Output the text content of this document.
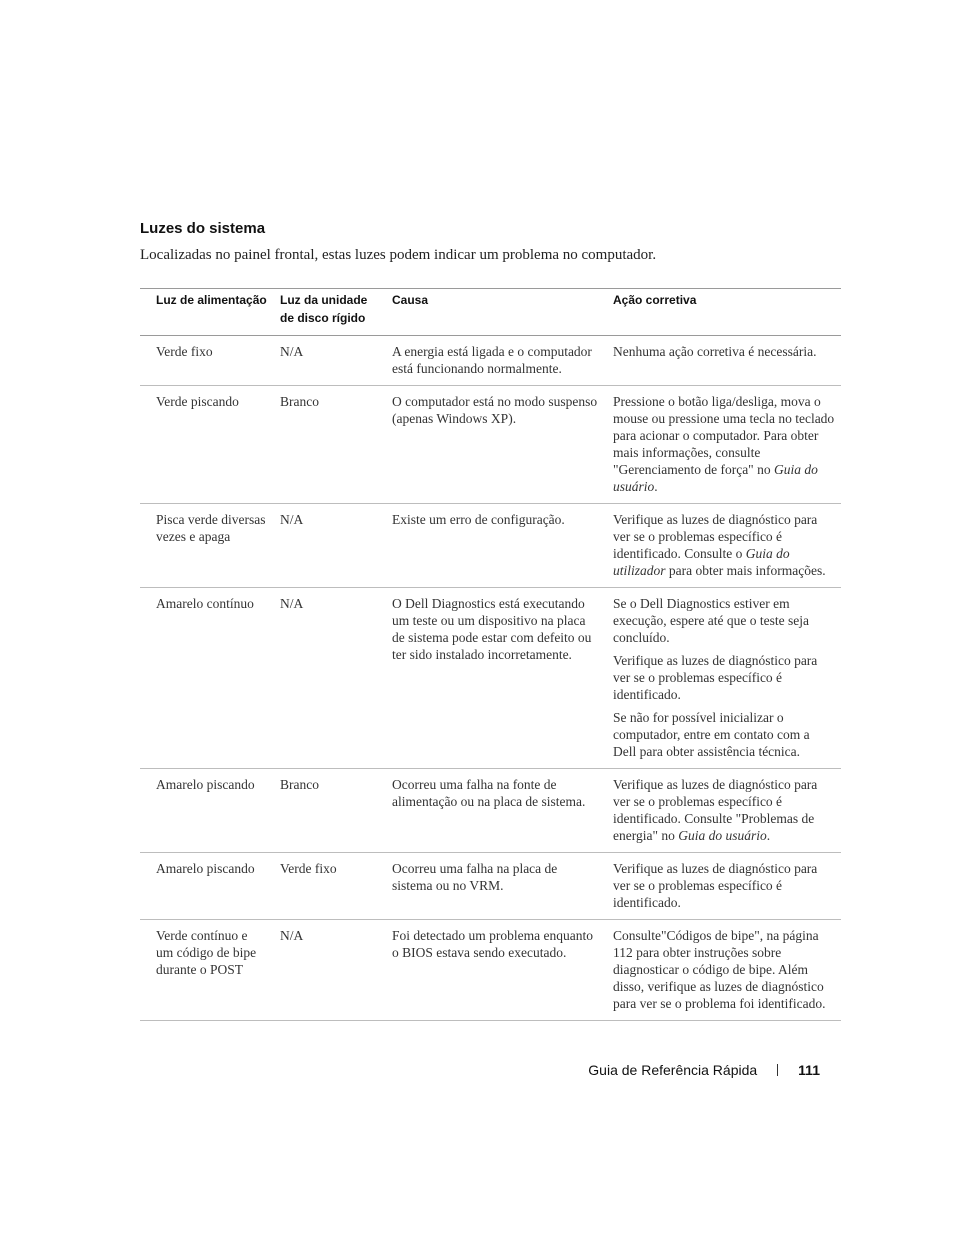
Luzes do sistema

Localizadas no painel frontal, estas luzes podem indicar um problema no computador.

Luz de alimentação	Luz da unidade de disco rígido	Causa	Ação corretiva
Verde fixo	N/A	A energia está ligada e o computador está funcionando normalmente.	Nenhuma ação corretiva é necessária.

Verde piscando	Branco	O computador está no modo suspenso (apenas Windows XP).	Pressione o botão liga/desliga, mova o mouse ou pressione uma tecla no teclado para acionar o computador. Para obter mais informações, consulte "Gerenciamento de força" no Guia do usuário.

Pisca verde diversas vezes e apaga	N/A	Existe um erro de configuração.	Verifique as luzes de diagnóstico para ver se o problemas específico é identificado. Consulte o Guia do utilizador para obter mais informações.

Amarelo contínuo	N/A	O Dell Diagnostics está executando um teste ou um dispositivo na placa de sistema pode estar com defeito ou ter sido instalado incorretamente.	Se o Dell Diagnostics estiver em execução, espere até que o teste seja concluído.
Verifique as luzes de diagnóstico para ver se o problemas específico é identificado.
Se não for possível inicializar o computador, entre em contato com a Dell para obter assistência técnica.

Amarelo piscando	Branco	Ocorreu uma falha na fonte de alimentação ou na placa de sistema.	Verifique as luzes de diagnóstico para ver se o problemas específico é identificado. Consulte "Problemas de energia" no Guia do usuário.

Amarelo piscando	Verde fixo	Ocorreu uma falha na placa de sistema ou no VRM.	Verifique as luzes de diagnóstico para ver se o problemas específico é identificado.

Verde contínuo e um código de bipe durante o POST	N/A	Foi detectado um problema enquanto o BIOS estava sendo executado.	Consulte"Códigos de bipe", na página 112 para obter instruções sobre diagnosticar o código de bipe. Além disso, verifique as luzes de diagnóstico para ver se o problema foi identificado.
Guia de Referência Rápida	111
